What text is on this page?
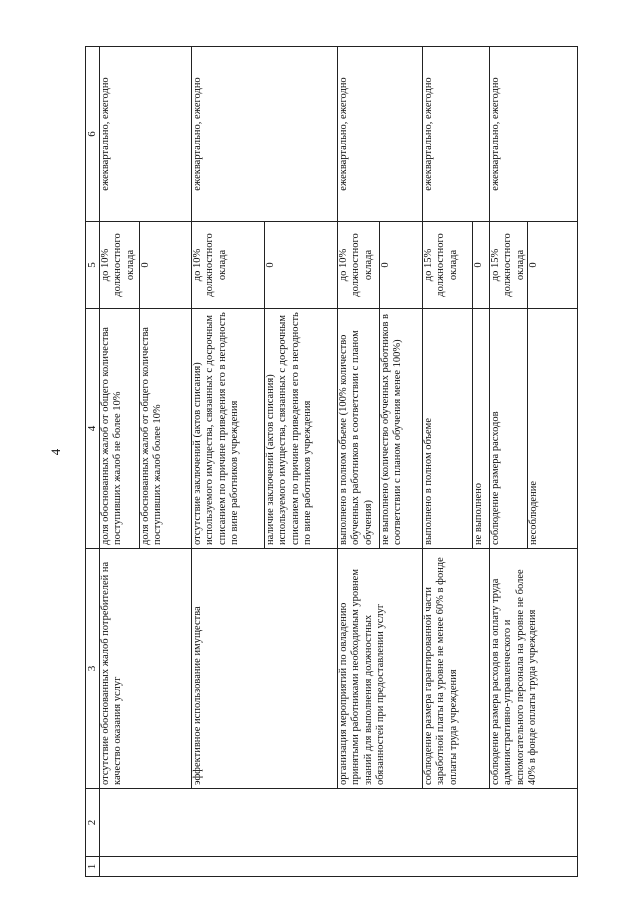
4
1	2	3	4	5	6
		отсутствие обоснованных жалоб потребителей на качество оказания услуг	доля обоснованных жалоб от общего количества поступивших жалоб не более 10%	до 10% должностного оклада	ежеквартально, ежегодно
			доля обоснованных жалоб от общего количества поступивших жалоб более 10%	0	
		эффективное использование имущества	отсутствие заключений (актов списания) используемого имущества, связанных с досрочным списанием по причине приведения его в негодность по вине работников учреждения	до 10% должностного оклада	ежеквартально, ежегодно
			наличие заключений (актов списания) используемого имущества, связанных с досрочным списанием по причине приведения его в негодность по вине работников учреждения	0	
		организация мероприятий по овладению принятыми работниками необходимым уровнем знаний для выполнения должностных обязанностей при предоставлении услуг	выполнено в полном объеме (100% количество обученных работников в соответствии с планом обучения)	до 10% должностного оклада	ежеквартально, ежегодно
			не выполнено (количество обученных работников в соответствии с планом обучения менее 100%)	0	
		соблюдение размера гарантированной части заработной платы на уровне не менее 60% в фонде оплаты труда учреждения	выполнено в полном объеме	до 15% должностного оклада	ежеквартально, ежегодно
			не выполнено	0	
		соблюдение размера расходов на оплату труда административно-управленческого и вспомогательного персонала на уровне не более 40% в фонде оплаты труда учреждения	соблюдение размера расходов	до 15% должностного оклада	ежеквартально, ежегодно
			несоблюдение	0	
